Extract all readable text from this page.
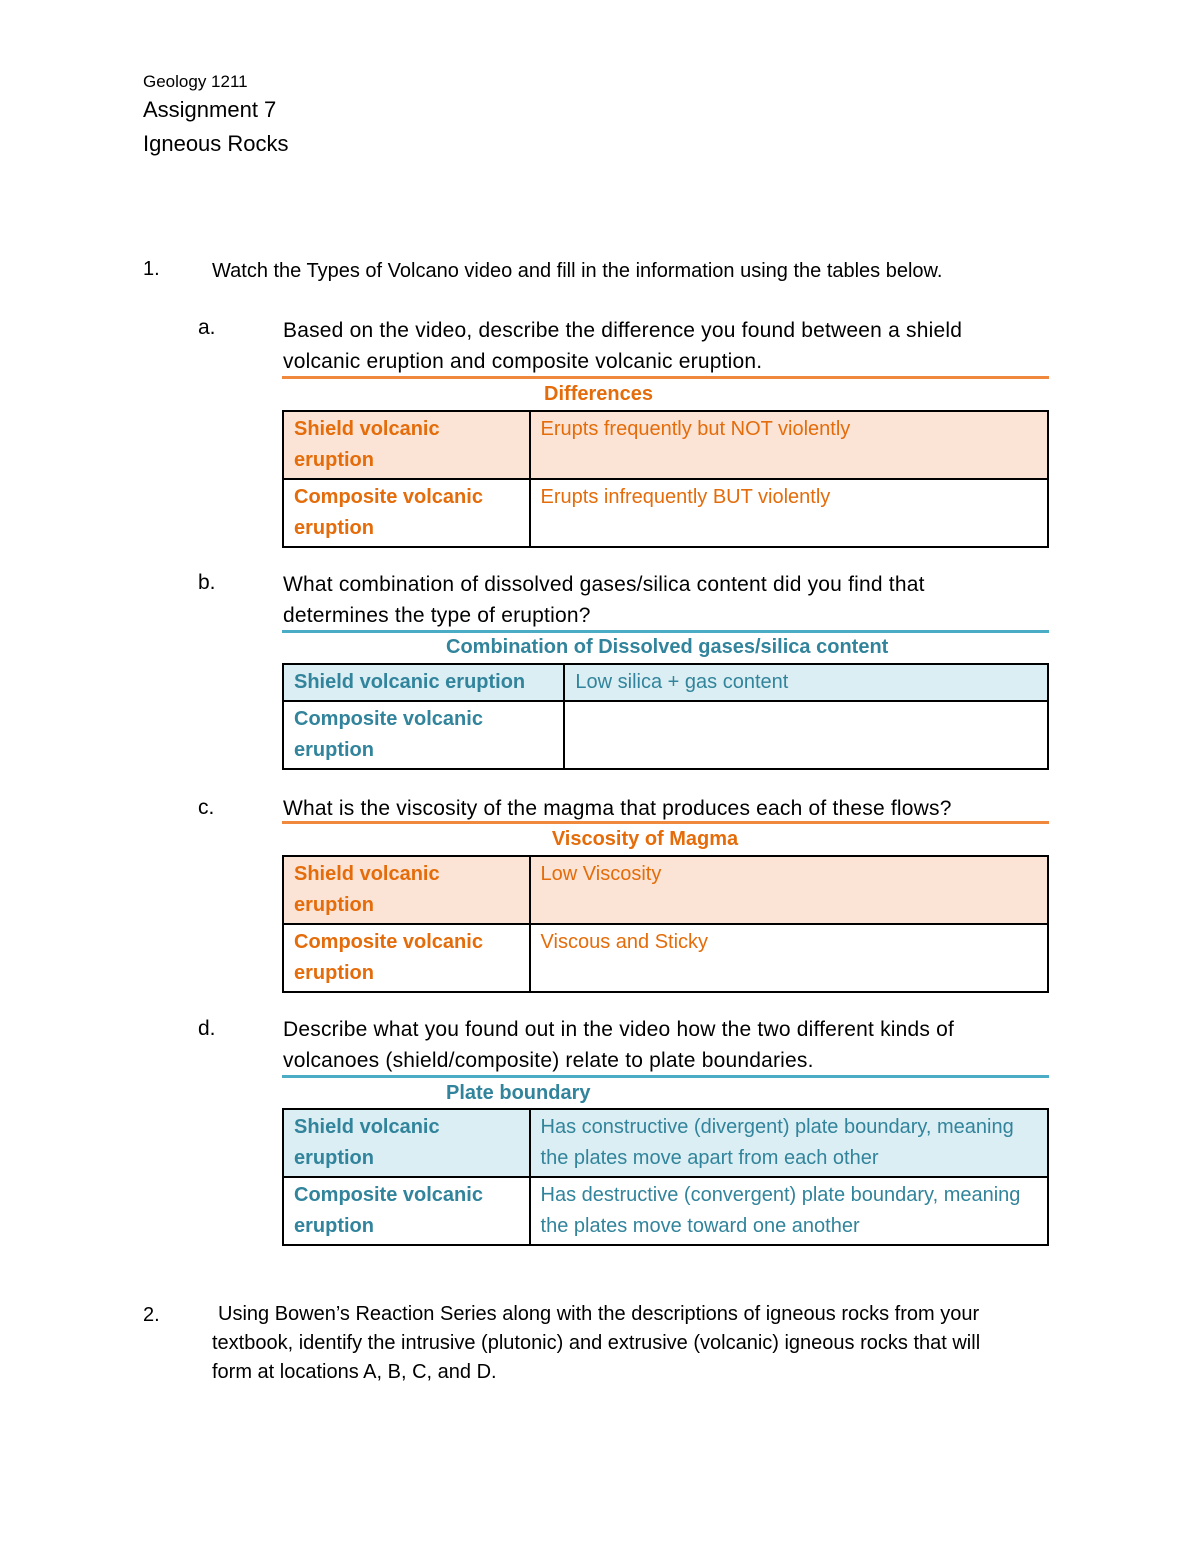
Geology 1211
Assignment 7
Igneous Rocks
1.	Watch the Types of Volcano video and fill in the information using the tables below.
a.	Based on the video, describe the difference you found between a shield
volcanic eruption and composite volcanic eruption.
Differences
Shield volcanic eruption	Erupts frequently but NOT violently
Composite volcanic eruption	Erupts infrequently BUT violently
b.	What combination of dissolved gases/silica content did you find that
determines the type of eruption?
Combination of Dissolved gases/silica content
Shield volcanic eruption	Low silica + gas content
Composite volcanic eruption	
c.	What is the viscosity of the magma that produces each of these flows?
Viscosity of Magma
Shield volcanic eruption	Low Viscosity
Composite volcanic eruption	Viscous and Sticky
d.	Describe what you found out in the video how the two different kinds of
volcanoes (shield/composite) relate to plate boundaries.
Plate boundary
Shield volcanic eruption	Has constructive (divergent) plate boundary, meaning the plates move apart from each other
Composite volcanic eruption	Has destructive (convergent) plate boundary, meaning the plates move toward one another
2.	Using Bowen’s Reaction Series along with the descriptions of igneous rocks from your
textbook, identify the intrusive (plutonic) and extrusive (volcanic) igneous rocks that will
form at locations A, B, C, and D.
